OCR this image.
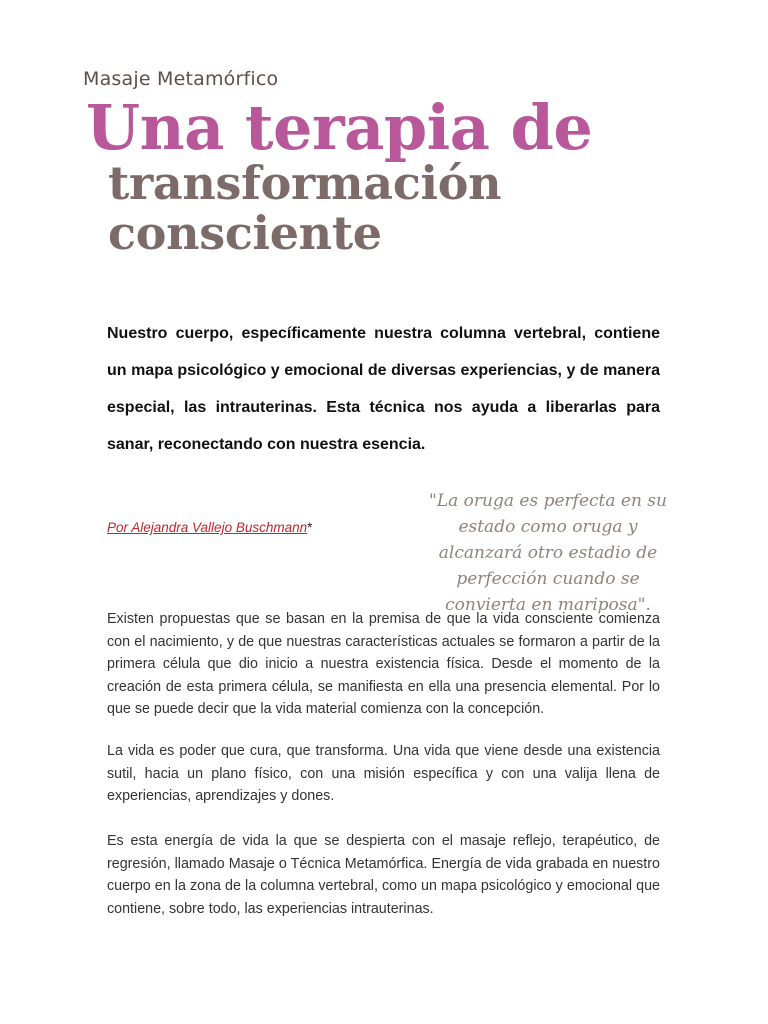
Masaje Metamórfico
Una terapia de
transformación
consciente

Nuestro cuerpo, específicamente nuestra columna vertebral, contiene un mapa psicológico y emocional de diversas experiencias, y de manera especial, las intrauterinas. Esta técnica nos ayuda a liberarlas para sanar, reconectando con nuestra esencia.

Por Alejandra Vallejo Buschmann*

"La oruga es perfecta en su estado como oruga y alcanzará otro estadio de perfección cuando se convierta en mariposa".

Existen propuestas que se basan en la premisa de que la vida consciente comienza con el nacimiento, y de que nuestras características actuales se formaron a partir de la primera célula que dio inicio a nuestra existencia física. Desde el momento de la creación de esta primera célula, se manifiesta en ella una presencia elemental. Por lo que se puede decir que la vida material comienza con la concepción.

La vida es poder que cura, que transforma. Una vida que viene desde una existencia sutil, hacia un plano físico, con una misión específica y con una valija llena de experiencias, aprendizajes y dones.

Es esta energía de vida la que se despierta con el masaje reflejo, terapéutico, de regresión, llamado Masaje o Técnica Metamórfica. Energía de vida grabada en nuestro cuerpo en la zona de la columna vertebral, como un mapa psicológico y emocional que contiene, sobre todo, las experiencias intrauterinas.
